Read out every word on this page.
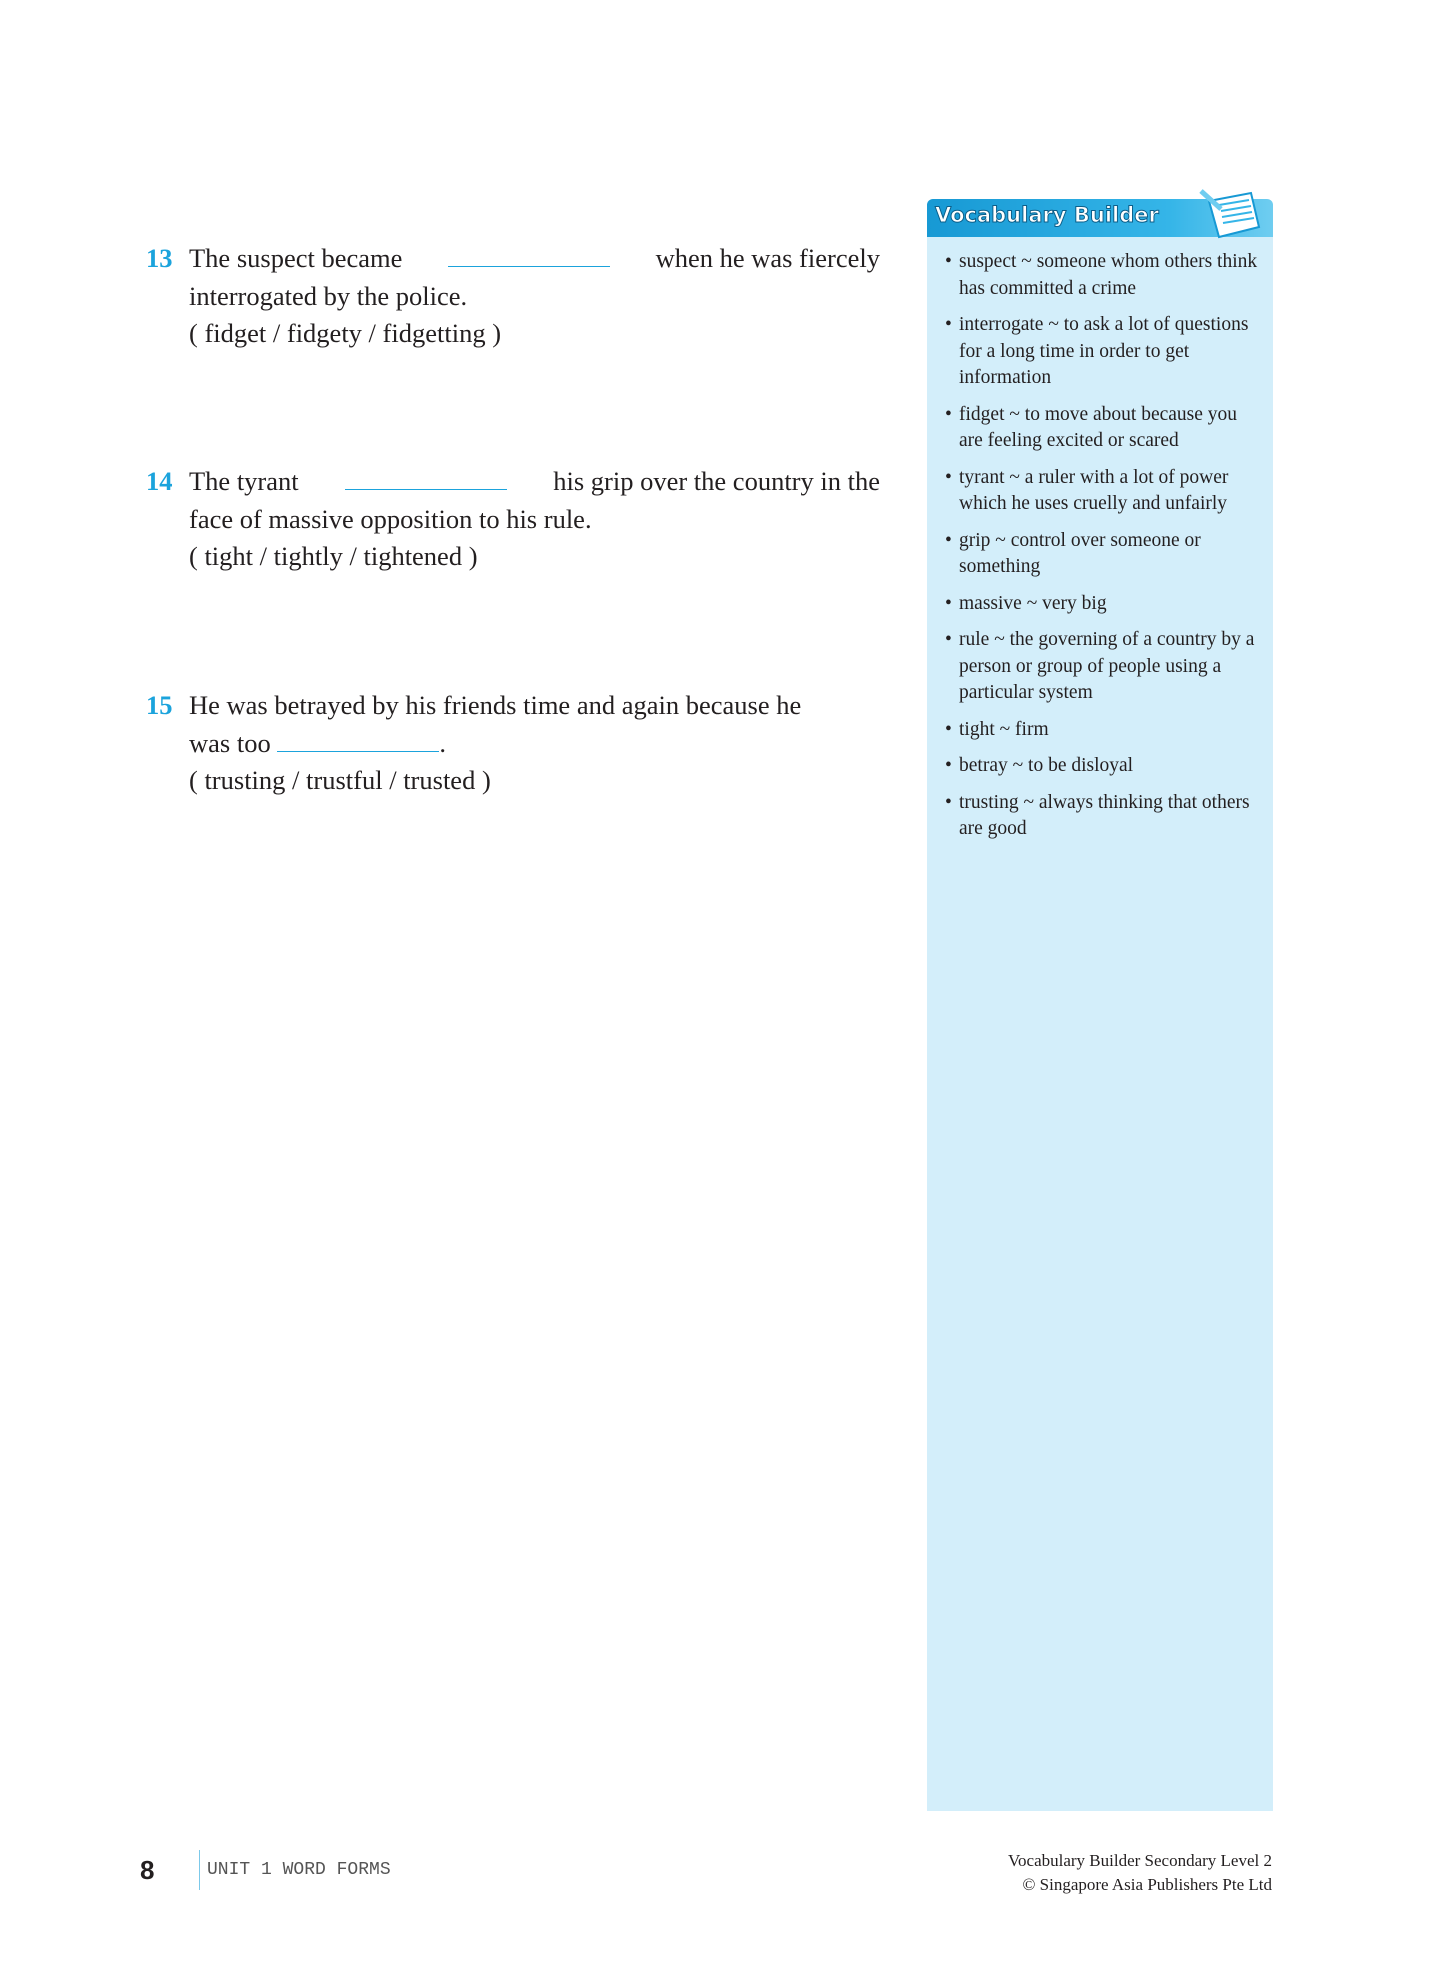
13 The suspect became	when he was fiercely
interrogated by the police.
( fidget / fidgety / fidgetting )
14 The tyrant	his grip over the country in the
face of massive opposition to his rule.
( tight / tightly / tightened )
15 He was betrayed by his friends time and again because he
was too	.
( trusting / trustful / trusted )
Vocabulary Builder
• suspect ~ someone whom others think has committed a crime
• interrogate ~ to ask a lot of questions for a long time in order to get information
• fidget ~ to move about because you are feeling excited or scared
• tyrant ~ a ruler with a lot of power which he uses cruelly and unfairly
• grip ~ control over someone or something
• massive ~ very big
• rule ~ the governing of a country by a person or group of people using a particular system
• tight ~ firm
• betray ~ to be disloyal
• trusting ~ always thinking that others are good
8	UNIT 1 WORD FORMS	Vocabulary Builder Secondary Level 2
© Singapore Asia Publishers Pte Ltd
